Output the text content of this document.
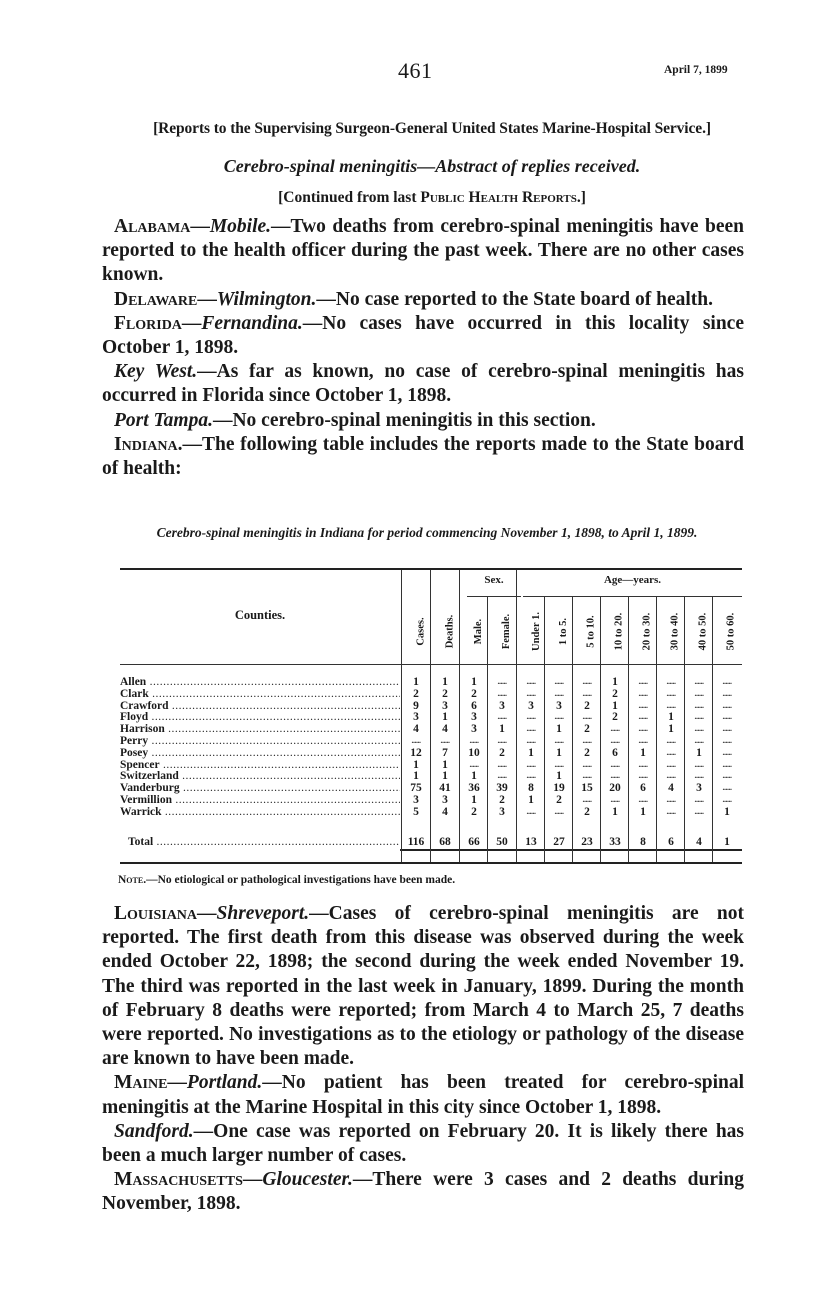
461	April 7, 1899
[Reports to the Supervising Surgeon-General United States Marine-Hospital Service.]
Cerebro-spinal meningitis—Abstract of replies received.
[Continued from last Public Health Reports.]

Alabama—Mobile.—Two deaths from cerebro-spinal meningitis have been reported to the health officer during the past week. There are no other cases known.

Delaware—Wilmington.—No case reported to the State board of health.

Florida—Fernandina.—No cases have occurred in this locality since October 1, 1898.

Key West.—As far as known, no case of cerebro-spinal meningitis has occurred in Florida since October 1, 1898.

Port Tampa.—No cerebro-spinal meningitis in this section.

Indiana.—The following table includes the reports made to the State board of health:

Cerebro-spinal meningitis in Indiana for period commencing November 1, 1898, to April 1, 1899.
Sex.	Age—years.
Counties.
Cases. Deaths. Male. Female. Under 1. 1 to 5. 5 to 10. 10 to 20. 20 to 30. 30 to 40. 40 to 50. 50 to 60.
Allen .....	1	1	1	......	......	......	......	1	......	......	......	......
Clark .....	2	2	2	......	......	......	......	2	......	......	......	......
Crawford .....	9	3	6	3	3	3	2	1	......	......	......	......
Floyd .....	3	1	3	......	......	......	......	2	......	1	......	......
Harrison .....	4	4	3	1	......	1	2	......	......	1	......	......
Perry .....	......	......	......	......	......	......	......	......	......	......	......	......
Posey .....	12	7	10	2	1	1	2	6	1	......	1	......
Spencer .....	1	1	......	......	......	......	......	......	......	......	......	......
Switzerland .....	1	1	1	......	......	1	......	......	......	......	......	......
Vanderburg .....	75	41	36	39	8	19	15	20	6	4	3	......
Vermillion .....	3	3	1	2	1	2	......	......	......	......	......	......
Warrick .....	5	4	2	3	......	......	2	1	1	......	......	1
Total .....	116	68	66	50	13	27	23	33	8	6	4	1
Note.—No etiological or pathological investigations have been made.

Louisiana—Shreveport.—Cases of cerebro-spinal meningitis are not reported. The first death from this disease was observed during the week ended October 22, 1898; the second during the week ended November 19. The third was reported in the last week in January, 1899. During the month of February 8 deaths were reported; from March 4 to March 25, 7 deaths were reported. No investigations as to the etiology or pathology of the disease are known to have been made.

Maine—Portland.—No patient has been treated for cerebro-spinal meningitis at the Marine Hospital in this city since October 1, 1898.

Sandford.—One case was reported on February 20. It is likely there has been a much larger number of cases.

Massachusetts—Gloucester.—There were 3 cases and 2 deaths during November, 1898.
